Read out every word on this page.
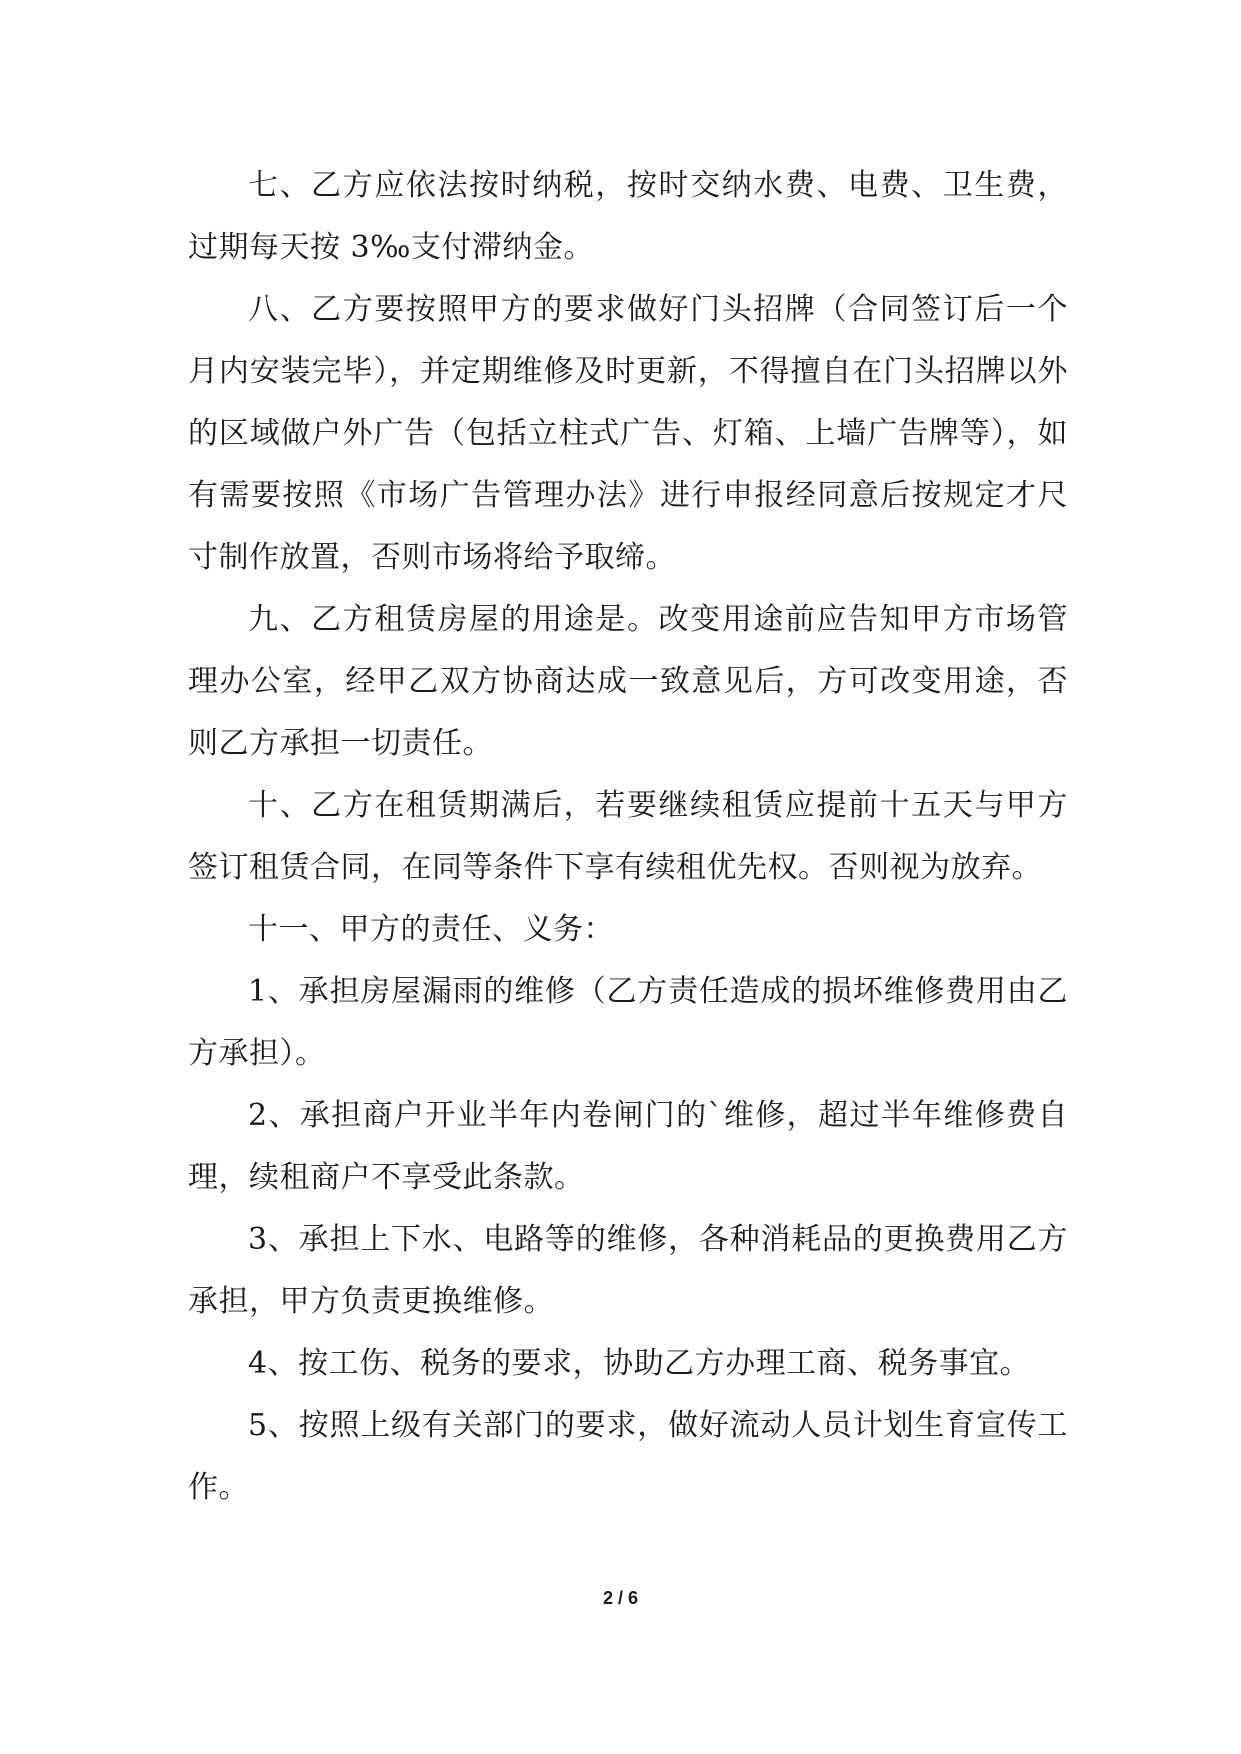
七、乙方应依法按时纳税，按时交纳水费、电费、卫生费，过期每天按 3‰支付滞纳金。

八、乙方要按照甲方的要求做好门头招牌（合同签订后一个月内安装完毕），并定期维修及时更新，不得擅自在门头招牌以外的区域做户外广告（包括立柱式广告、灯箱、上墙广告牌等），如有需要按照《市场广告管理办法》进行申报经同意后按规定才尺寸制作放置，否则市场将给予取缔。

九、乙方租赁房屋的用途是。改变用途前应告知甲方市场管理办公室，经甲乙双方协商达成一致意见后，方可改变用途，否则乙方承担一切责任。

十、乙方在租赁期满后，若要继续租赁应提前十五天与甲方签订租赁合同，在同等条件下享有续租优先权。否则视为放弃。

十一、甲方的责任、义务：

1、承担房屋漏雨的维修（乙方责任造成的损坏维修费用由乙方承担）。

2、承担商户开业半年内卷闸门的`维修，超过半年维修费自理，续租商户不享受此条款。

3、承担上下水、电路等的维修，各种消耗品的更换费用乙方承担，甲方负责更换维修。

4、按工伤、税务的要求，协助乙方办理工商、税务事宜。

5、按照上级有关部门的要求，做好流动人员计划生育宣传工作。

2 / 6
